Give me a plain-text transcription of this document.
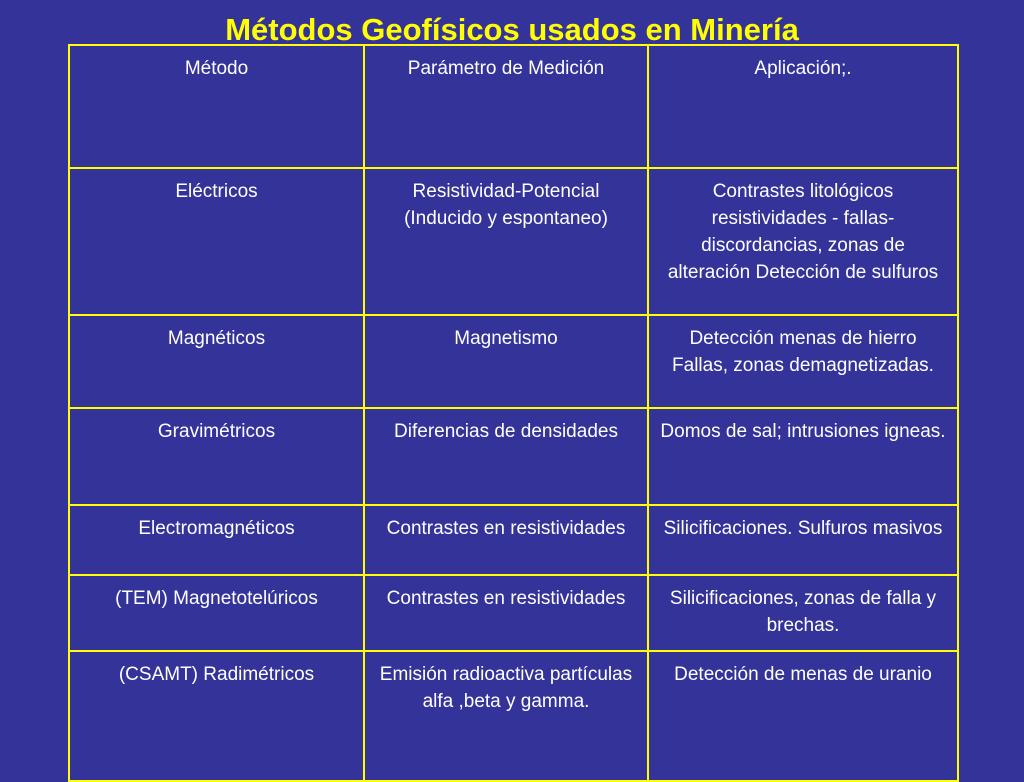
Métodos Geofísicos usados en Minería
Método	Parámetro de Medición	Aplicación;.
Eléctricos	Resistividad-Potencial (Inducido y espontaneo)	Contrastes litológicos resistividades - fallas- discordancias, zonas de alteración Detección de sulfuros
Magnéticos	Magnetismo	Detección menas de hierro Fallas, zonas demagnetizadas.
Gravimétricos	Diferencias de densidades	Domos de sal; intrusiones igneas.
Electromagnéticos	Contrastes en resistividades	Silicificaciones. Sulfuros masivos
(TEM) Magnetotelúricos	Contrastes en resistividades	Silicificaciones, zonas de falla y brechas.
(CSAMT) Radimétricos	Emisión radioactiva partículas alfa ,beta y gamma.	Detección de menas de uranio
